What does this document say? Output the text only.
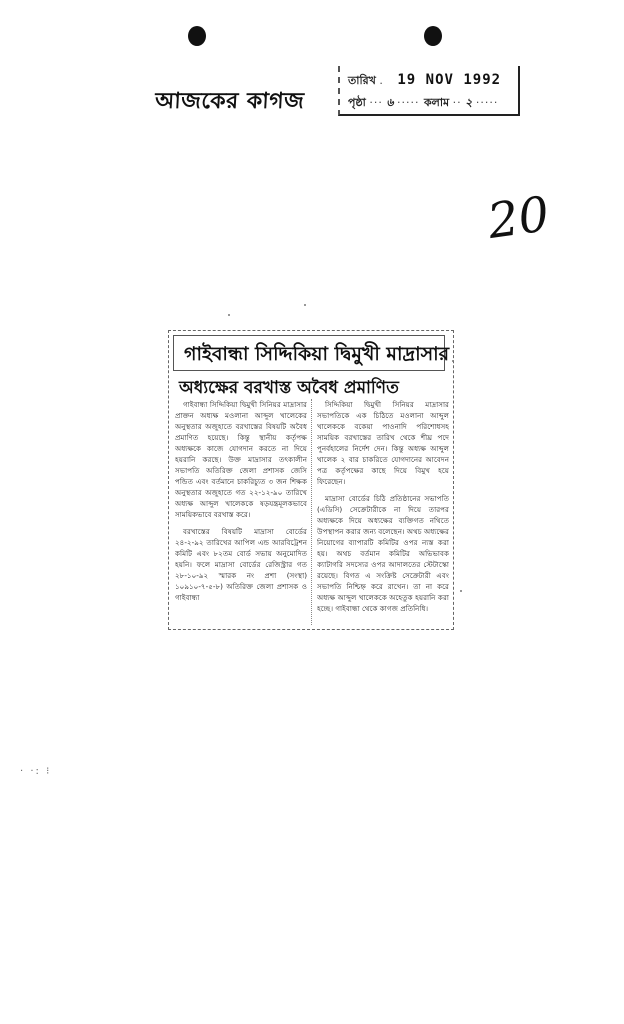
আজকের কাগজ
তারিখ . 19 NOV 1992
পৃষ্ঠা ··· ৬ ····· কলাম ·· ২ ·····
20
গাইবান্ধা সিদ্দিকিয়া দ্বিমুখী মাদ্রাসার
অধ্যক্ষের বরখাস্ত অবৈধ প্রমাণিত

গাইবান্ধা সিদ্দিকিয়া দ্বিমুখী সিনিয়র মাদ্রাসার প্রাক্তন অধ্যক্ষ মওলানা আব্দুল খালেকের অনুস্থতার অজুহাতে বরখাস্তের বিষয়টি অবৈধ প্রমাণিত হয়েছে। কিন্তু স্থানীয় কর্তৃপক্ষ অধ্যক্ষকে কাজে যোগদান করতে না দিয়ে হয়রানি করছে। উক্ত মাদ্রাসার তৎকালীন সভাপতি অতিরিক্ত জেলা প্রশাসক জেসি পন্ডিত এবং বর্তমানে চাকরিচ্যুত ৩ জন শিক্ষক অনুস্থতার অজুহাতে গত ২২-১২-৯০ তারিখে অধ্যক্ষ আব্দুল খালেককে ষড়যন্ত্রমূলকভাবে সাময়িকভাবে বরখাস্ত করে।

বরখাস্তের বিষয়টি মাদ্রাসা বোর্ডের ২৪-২-৯২ তারিখের আপিল এন্ড আরবিট্রেশন কমিটি এবং ৮২তম বোর্ড সভায় অনুমোদিত হয়নি। ফলে মাদ্রাসা বোর্ডের রেজিস্ট্রার গত ২৮-১০-৯২ স্মারক নং প্রশা (সংস্থা) ১০৯১০-৭-৫-৮) অতিরিক্ত জেলা প্রশাসক ও গাইবান্ধা

সিদ্দিকিয়া দ্বিমুখী সিনিয়র মাদ্রাসার সভাপতিকে এক চিঠিতে মওলানা আব্দুল খালেককে বকেয়া পাওনাদি পরিশোধসহ সাময়িক বরখাস্তের তারিখ থেকে শীঘ্র পদে পুনর্বহালের নির্দেশ দেন। কিন্তু অধ্যক্ষ আব্দুল খালেক ২ বার চাকরিতে যোগদানের আবেদন পত্র কর্তৃপক্ষের কাছে দিয়ে বিমুখ হয়ে ফিরেছেন।

মাদ্রাসা বোর্ডের চিঠি প্রতিষ্ঠানের সভাপতি (এডিসি) সেক্রেটারীকে না দিয়ে তারপর অধ্যক্ষকে দিয়ে অধ্যক্ষের ব্যক্তিগত নথিতে উপস্থাপন করার জন্য বলেছেন। অথচ অধ্যক্ষের নিয়োগের ব্যাপারটি কমিটির ওপর ন্যস্ত করা হয়। অথচ বর্তমান কমিটির অভিভাবক ক্যাটাগরি সদস্যের ওপর আদালতের স্টেটাস্কো রয়েছে। বিগত এ সংক্রিষ্ট সেক্রেটারী এবং সভাপতি নিশ্চিহ্ন করে রাখেন। তা না করে অধ্যক্ষ আব্দুল খালেককে অহেতুক হয়রানি করা হচ্ছে। গাইবান্ধা থেকে কাগজ প্রতিনিধি।

· ·: ⁝
